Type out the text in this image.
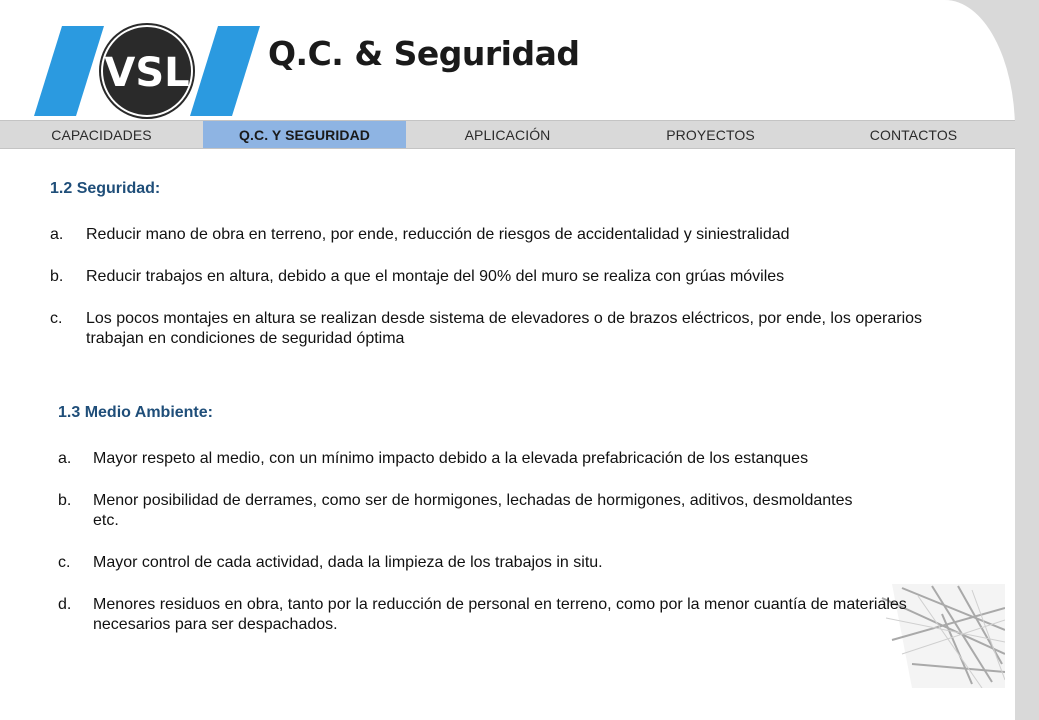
VSL Q.C. & Seguridad
CAPACIDADES	Q.C. Y SEGURIDAD	APLICACIÓN	PROYECTOS	CONTACTOS
1.2 Seguridad:
a.	Reducir mano de obra en terreno, por ende, reducción de riesgos de accidentalidad y siniestralidad
b.	Reducir trabajos en altura, debido a que el montaje del 90% del muro se realiza con grúas móviles
c.	Los pocos montajes en altura se realizan desde sistema de elevadores o de brazos eléctricos, por ende, los operarios trabajan en condiciones de seguridad óptima
1.3 Medio Ambiente:
a.	Mayor respeto al medio, con un mínimo impacto debido a la elevada prefabricación de los estanques
b.	Menor posibilidad de derrames, como ser de hormigones, lechadas de hormigones, aditivos, desmoldantes etc.
c.	Mayor control de cada actividad, dada la limpieza de los trabajos in situ.
d.	Menores residuos en obra, tanto por la reducción de personal en terreno, como por la menor cuantía de materiales necesarios para ser despachados.
